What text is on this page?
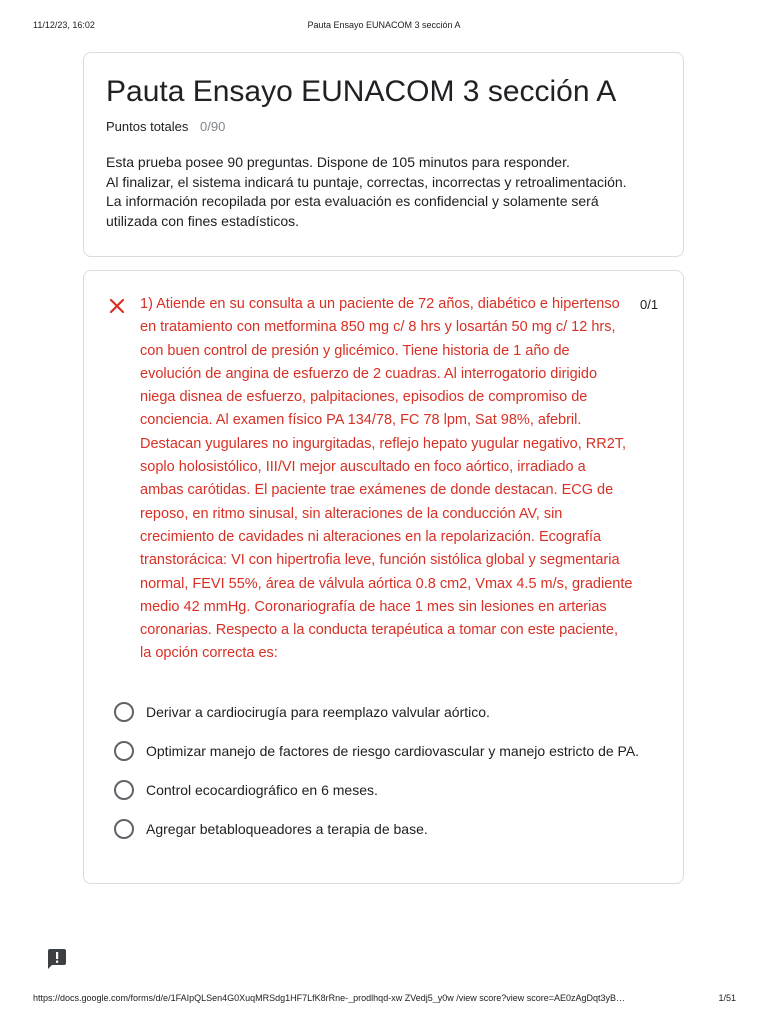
11/12/23, 16:02	Pauta Ensayo EUNACOM 3 sección A
Pauta Ensayo EUNACOM 3 sección A
Puntos totales 0/90
Esta prueba posee 90 preguntas. Dispone de 105 minutos para responder.
Al finalizar, el sistema indicará tu puntaje, correctas, incorrectas y retroalimentación.
La información recopilada por esta evaluación es confidencial y solamente será
utilizada con fines estadísticos.
1) Atiende en su consulta a un paciente de 72 años, diabético e hipertenso
en tratamiento con metformina 850 mg c/ 8 hrs y losartán 50 mg c/ 12 hrs,
con buen control de presión y glicémico. Tiene historia de 1 año de
evolución de angina de esfuerzo de 2 cuadras. Al interrogatorio dirigido
niega disnea de esfuerzo, palpitaciones, episodios de compromiso de
conciencia. Al examen físico PA 134/78, FC 78 lpm, Sat 98%, afebril.
Destacan yugulares no ingurgitadas, reflejo hepato yugular negativo, RR2T,
soplo holosistólico, III/VI mejor auscultado en foco aórtico, irradiado a
ambas carótidas. El paciente trae exámenes de donde destacan. ECG de
reposo, en ritmo sinusal, sin alteraciones de la conducción AV, sin
crecimiento de cavidades ni alteraciones en la repolarización. Ecografía
transtorácica: VI con hipertrofia leve, función sistólica global y segmentaria
normal, FEVI 55%, área de válvula aórtica 0.8 cm2, Vmax 4.5 m/s, gradiente
medio 42 mmHg. Coronariografía de hace 1 mes sin lesiones en arterias
coronarias. Respecto a la conducta terapéutica a tomar con este paciente,
la opción correcta es:
0/1
Derivar a cardiocirugía para reemplazo valvular aórtico.
Optimizar manejo de factores de riesgo cardiovascular y manejo estricto de PA.
Control ecocardiográfico en 6 meses.
Agregar betabloqueadores a terapia de base.
https://docs.google.com/forms/d/e/1FAIpQLSen4G0XuqMRSdg1HF7LfK8rRne-_prodlhqd-xw ZVedj5_y0w /view score?view score=AE0zAgDqt3yB…	1/51
